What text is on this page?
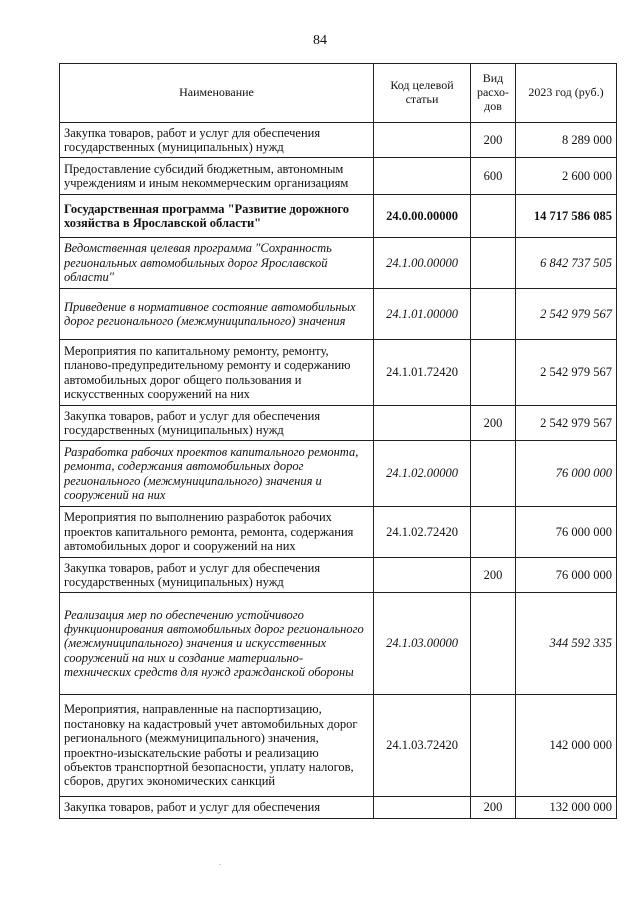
84
Наименование	Код целевой статьи	Вид расхо-дов	2023 год (руб.)
Закупка товаров, работ и услуг для обеспечения государственных (муниципальных) нужд		200	8 289 000
Предоставление субсидий бюджетным, автономным учреждениям и иным некоммерческим организациям		600	2 600 000
Государственная программа "Развитие дорожного хозяйства в Ярославской области"	24.0.00.00000		14 717 586 085
Ведомственная целевая программа "Сохранность региональных автомобильных дорог Ярославской области"	24.1.00.00000		6 842 737 505
Приведение в нормативное состояние автомобильных дорог регионального (межмуниципального) значения	24.1.01.00000		2 542 979 567
Мероприятия по капитальному ремонту, ремонту, планово-предупредительному ремонту и содержанию автомобильных дорог общего пользования и искусственных сооружений на них	24.1.01.72420		2 542 979 567
Закупка товаров, работ и услуг для обеспечения государственных (муниципальных) нужд		200	2 542 979 567
Разработка рабочих проектов капитального ремонта, ремонта, содержания автомобильных дорог регионального (межмуниципального) значения и сооружений на них	24.1.02.00000		76 000 000
Мероприятия по выполнению разработок рабочих проектов капитального ремонта, ремонта, содержания автомобильных дорог и сооружений на них	24.1.02.72420		76 000 000
Закупка товаров, работ и услуг для обеспечения государственных (муниципальных) нужд		200	76 000 000
Реализация мер по обеспечению устойчивого функционирования автомобильных дорог регионального (межмуниципального) значения и искусственных сооружений на них и создание материально-технических средств для нужд гражданской обороны	24.1.03.00000		344 592 335
Мероприятия, направленные на паспортизацию, постановку на кадастровый учет автомобильных дорог регионального (межмуниципального) значения, проектно-изыскательские работы и реализацию объектов транспортной безопасности, уплату налогов, сборов, других экономических санкций	24.1.03.72420		142 000 000
Закупка товаров, работ и услуг для обеспечения		200	132 000 000
.
